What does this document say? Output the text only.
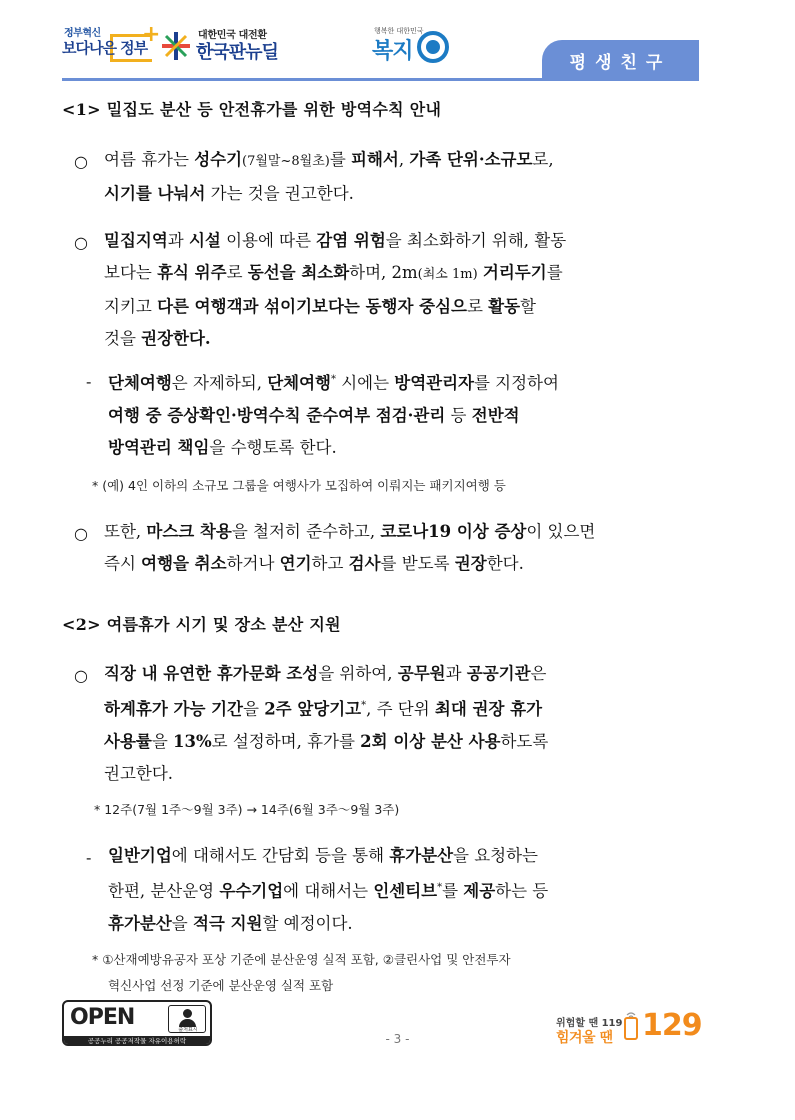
+
정부혁신
보다나은 정부
대한민국 대전환
한국판뉴딜
행복한 대한민국
복지	평생친구
<1> 밀집도 분산 등 안전휴가를 위한 방역수칙 안내
○ 여름 휴가는 성수기(7월말~8월초)를 피해서, 가족 단위·소규모로,
시기를 나눠서 가는 것을 권고한다.
○ 밀집지역과 시설 이용에 따른 감염 위험을 최소화하기 위해, 활동
보다는 휴식 위주로 동선을 최소화하며, 2m(최소 1m) 거리두기를
지키고 다른 여행객과 섞이기보다는 동행자 중심으로 활동할
것을 권장한다.
- 단체여행은 자제하되, 단체여행* 시에는 방역관리자를 지정하여
여행 중 증상확인·방역수칙 준수여부 점검·관리 등 전반적
방역관리 책임을 수행토록 한다.
* (예) 4인 이하의 소규모 그룹을 여행사가 모집하여 이뤄지는 패키지여행 등
○ 또한, 마스크 착용을 철저히 준수하고, 코로나19 이상 증상이 있으면
즉시 여행을 취소하거나 연기하고 검사를 받도록 권장한다.
<2> 여름휴가 시기 및 장소 분산 지원
○ 직장 내 유연한 휴가문화 조성을 위하여, 공무원과 공공기관은
하계휴가 가능 기간을 2주 앞당기고*, 주 단위 최대 권장 휴가
사용률을 13%로 설정하며, 휴가를 2회 이상 분산 사용하도록
권고한다.
* 12주(7월 1주～9월 3주) → 14주(6월 3주～9월 3주)
- 일반기업에 대해서도 간담회 등을 통해 휴가분산을 요청하는
한편, 분산운영 우수기업에 대해서는 인센티브*를 제공하는 등
휴가분산을 적극 지원할 예정이다.
* ①산재예방유공자 포상 기준에 분산운영 실적 포함, ②클린사업 및 안전투자
혁신사업 선정 기준에 분산운영 실적 포함
OPEN	출처표시
공공누리 공공저작물 자유이용허락	- 3 -
위험할 땐 119
힘겨울 땐 129
